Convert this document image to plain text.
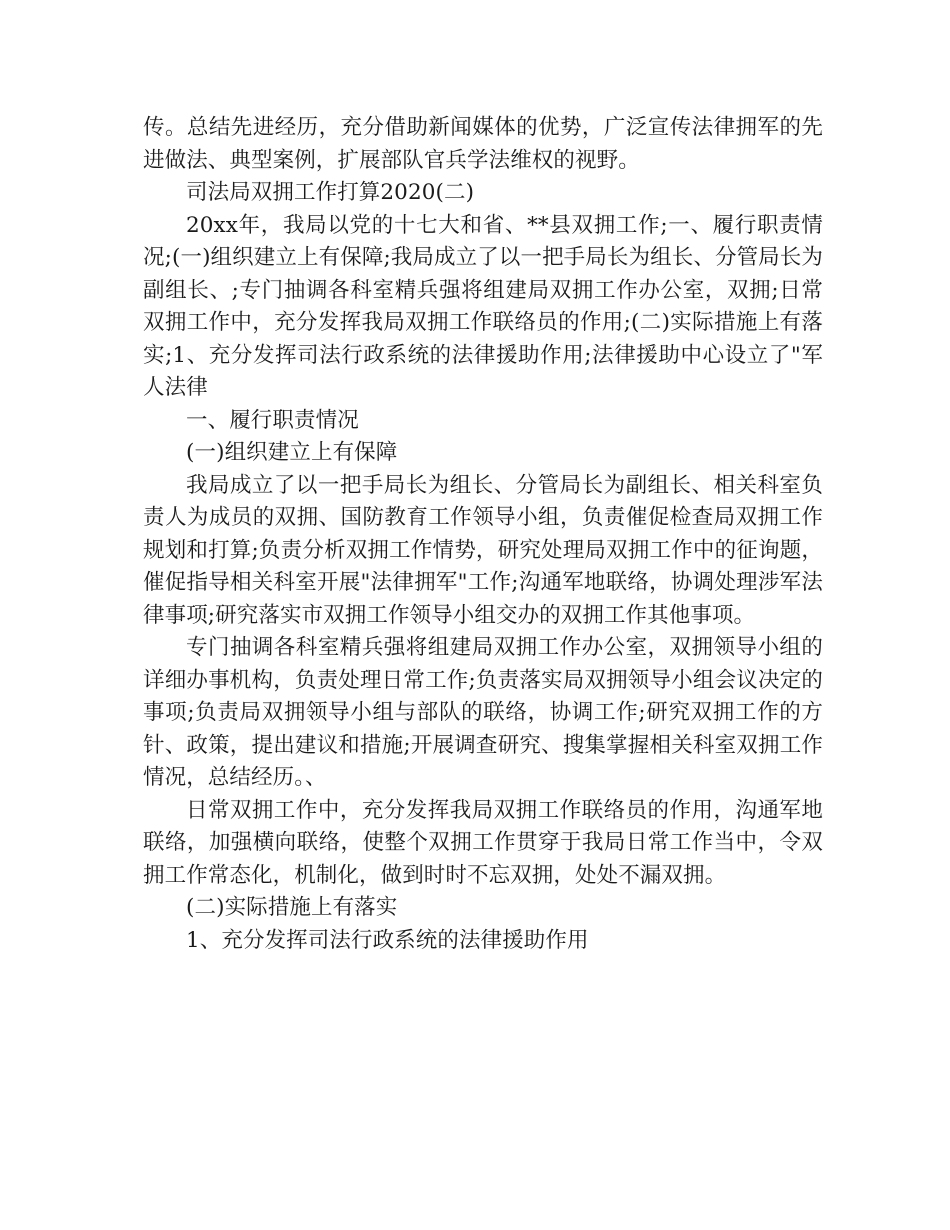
传。总结先进经历，充分借助新闻媒体的优势，广泛宣传法律拥军的先进做法、典型案例，扩展部队官兵学法维权的视野。

司法局双拥工作打算2020(二)

20xx年，我局以党的十七大和省、**县双拥工作;一、履行职责情况;(一)组织建立上有保障;我局成立了以一把手局长为组长、分管局长为副组长、;专门抽调各科室精兵强将组建局双拥工作办公室，双拥;日常双拥工作中，充分发挥我局双拥工作联络员的作用;(二)实际措施上有落实;1、充分发挥司法行政系统的法律援助作用;法律援助中心设立了"军人法律

一、履行职责情况

(一)组织建立上有保障

我局成立了以一把手局长为组长、分管局长为副组长、相关科室负责人为成员的双拥、国防教育工作领导小组，负责催促检查局双拥工作规划和打算;负责分析双拥工作情势，研究处理局双拥工作中的征询题，催促指导相关科室开展"法律拥军"工作;沟通军地联络，协调处理涉军法律事项;研究落实市双拥工作领导小组交办的双拥工作其他事项。

专门抽调各科室精兵强将组建局双拥工作办公室，双拥领导小组的详细办事机构，负责处理日常工作;负责落实局双拥领导小组会议决定的事项;负责局双拥领导小组与部队的联络，协调工作;研究双拥工作的方针、政策，提出建议和措施;开展调查研究、搜集掌握相关科室双拥工作情况，总结经历。、

日常双拥工作中，充分发挥我局双拥工作联络员的作用，沟通军地联络，加强横向联络，使整个双拥工作贯穿于我局日常工作当中，令双拥工作常态化，机制化，做到时时不忘双拥，处处不漏双拥。

(二)实际措施上有落实

1、充分发挥司法行政系统的法律援助作用
